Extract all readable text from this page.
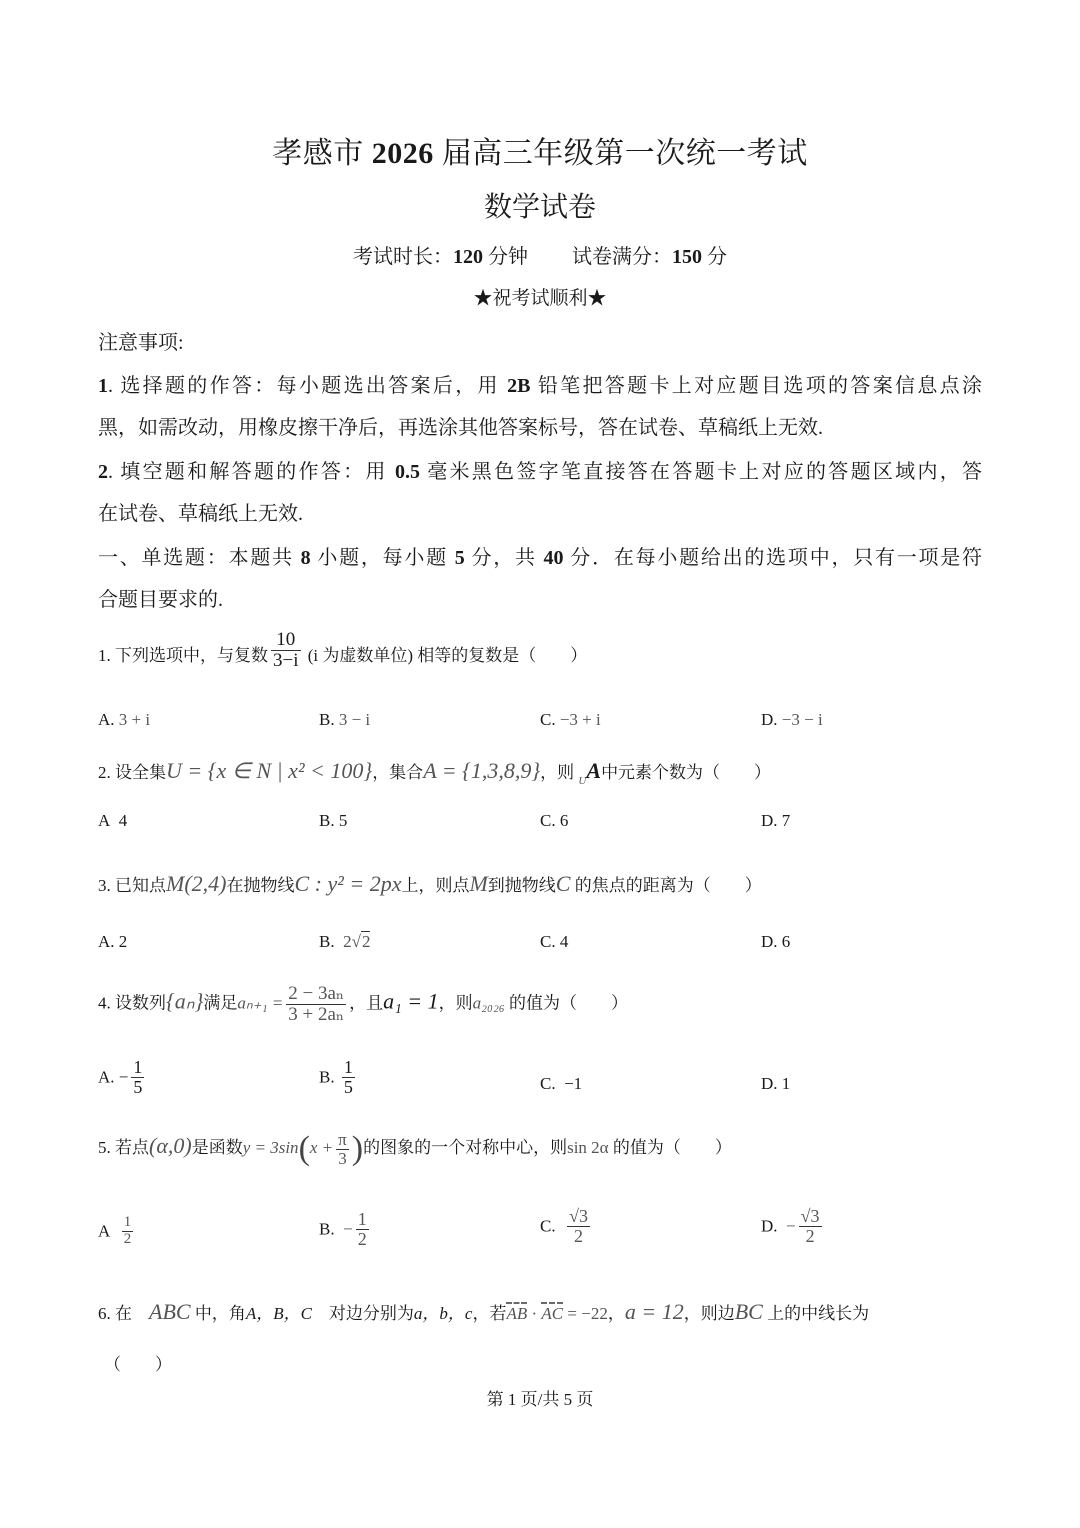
孝感市 2026 届高三年级第一次统一考试
数学试卷
考试时长：120 分钟 试卷满分：150 分
★祝考试顺利★
注意事项:
1. 选择题的作答：每小题选出答案后，用 2B 铅笔把答题卡上对应题目选项的答案信息点涂
黑，如需改动，用橡皮擦干净后，再选涂其他答案标号，答在试卷、草稿纸上无效.
2. 填空题和解答题的作答：用 0.5 毫米黑色签字笔直接答在答题卡上对应的答题区域内，答
在试卷、草稿纸上无效.
一、单选题：本题共 8 小题，每小题 5 分，共 40 分．在每小题给出的选项中，只有一项是符
合题目要求的.
1. 下列选项中，与复数 $\frac{10}{3-i} (i$ 为虚数单位) 相等的复数是（　　）
A. 3 + i	B. 3 − i	C. −3 + i	D. −3 − i
2. 设全集U = {x ∈ N | x² < 100}，集合A = {1,3,8,9}，则 $_U$A中元素个数为（　　）
A 4	B. 5	C. 6	D. 7
3. 已知点M(2,4)在抛物线C : y² = 2px上，则点M到抛物线C 的焦点的距离为（　　）
A. 2	B. 2√2	C. 4	D. 6
4. 设数列{aₙ}满足$a_{n+1} = \frac{\text{2 − 3aₙ}}{\text{3 + 2aₙ}}$ ，且a₁ = 1，则a₂₀₂₆ 的值为（　　）
A. − $\frac{1}{5}$	B. $\frac{1}{5}$	C. −1	D. 1
5. 若点(α,0)是函数$y = 3\sin(x + \frac{\pi}{3}$ )的图象的一个对称中心，则sin 2α 的值为（　　）
A $\frac{1}{2}$	B. − $\frac{1}{2}$	C. $\frac{√3}{2}$	D. − $\frac{√3}{2}$
6. 在　ABC 中，角A，B，C　对边分别为a，b，c，若AB · AC = −22，a = 12，则边BC 上的中线长为
（　　）
第 1 页/共 5 页
